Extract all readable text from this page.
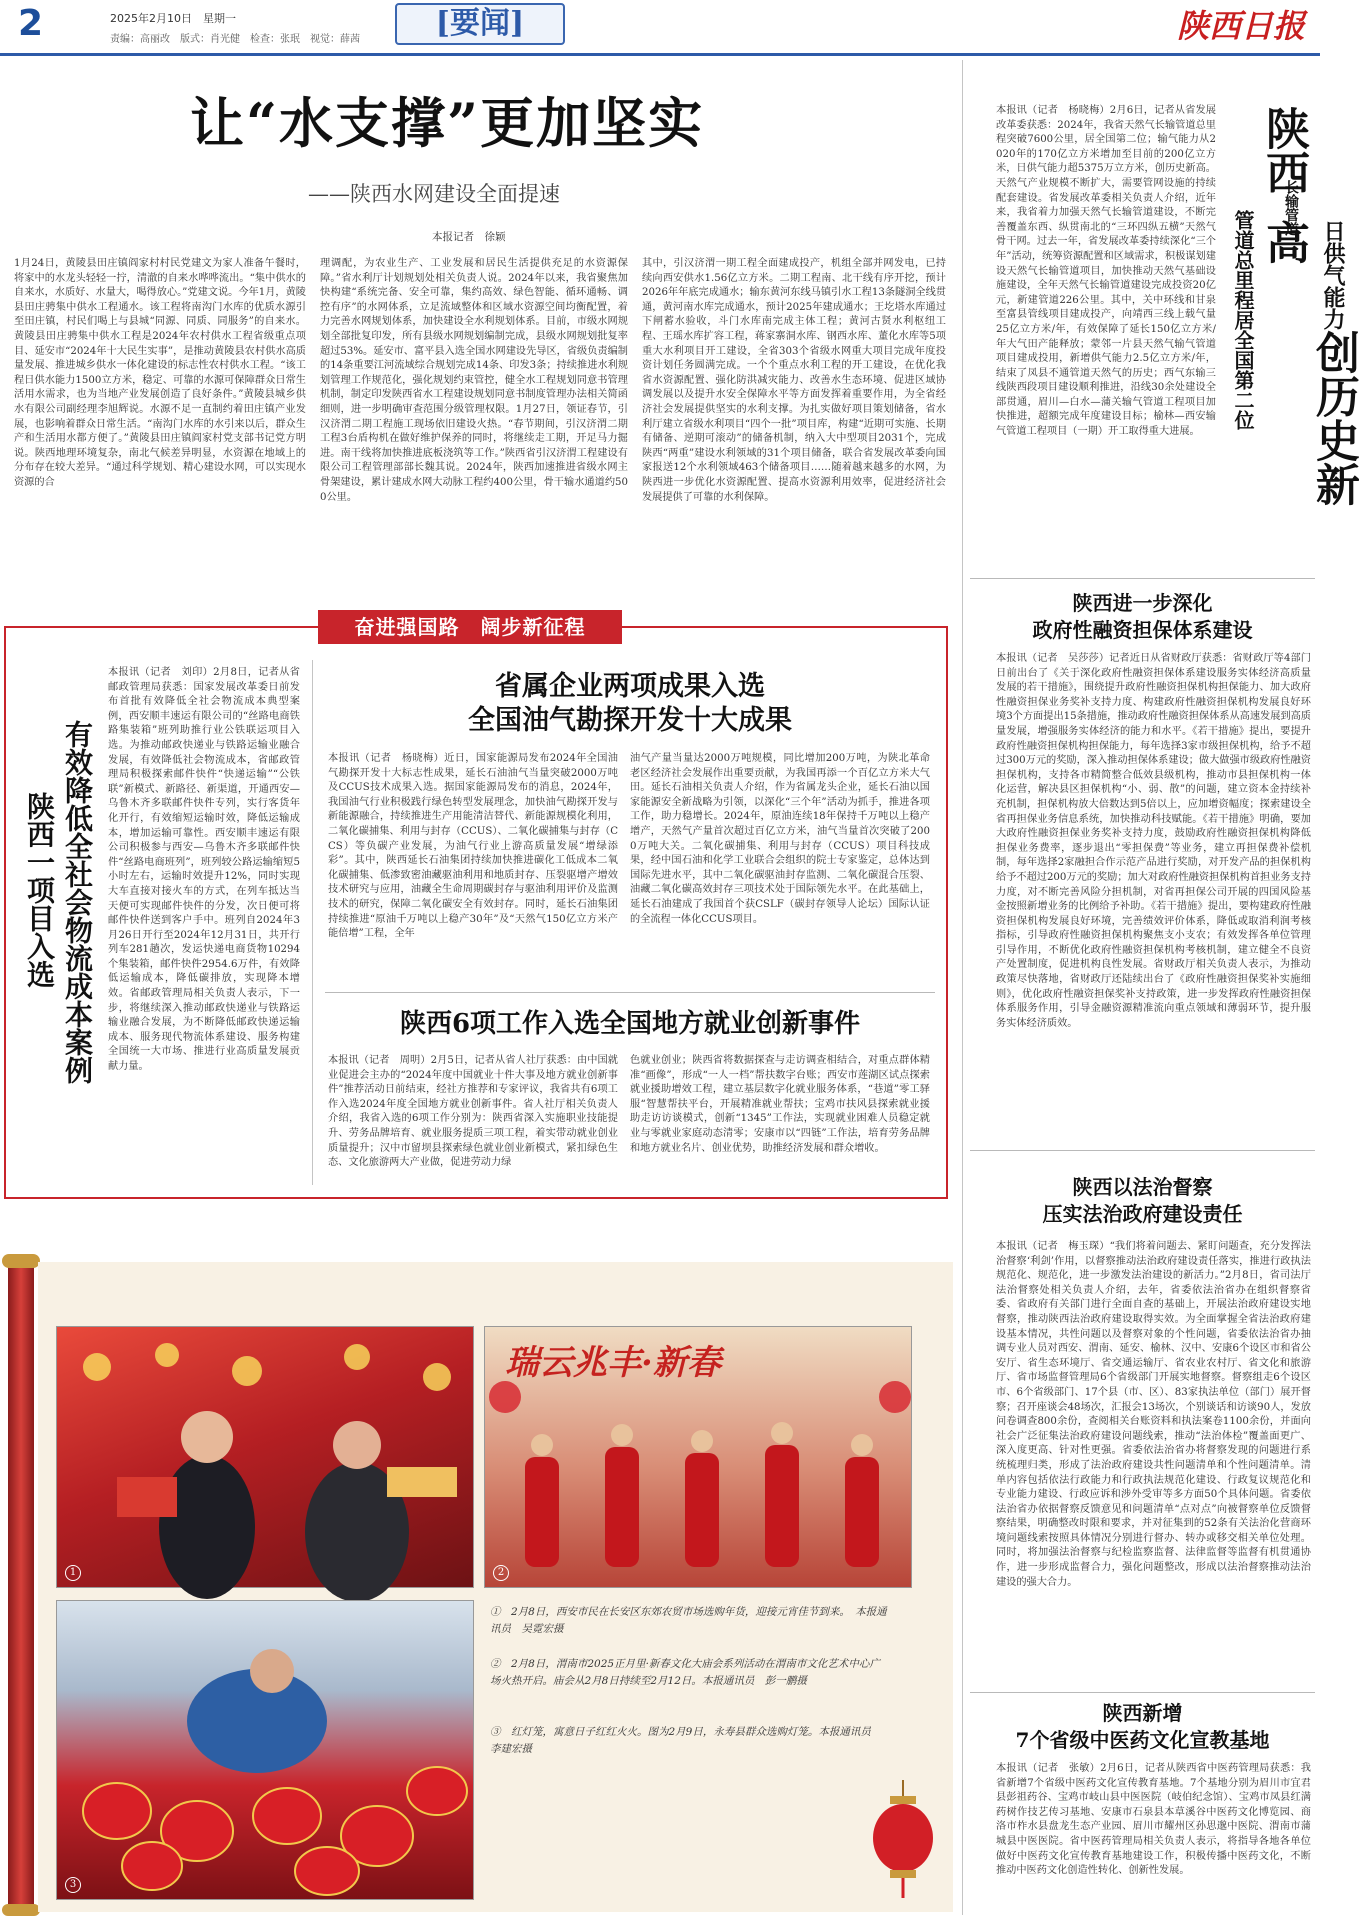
2	2025年2月10日　星期一
责编：高丽改　版式：肖光健　检查：张珉　视觉：薛茜	[要闻]	陕西日报
让“水支撑”更加坚实
——陕西水网建设全面提速
本报记者　徐颖
1月24日，黄陵县田庄镇阎家村村民党建文为家人准备午餐时，将家中的水龙头轻轻一拧，清澈的自来水哗哗流出。“集中供水的自来水，水质好、水量大，喝得放心。”党建文说。今年1月，黄陵县田庄骋集中供水工程通水。该工程将南沟门水库的优质水源引至田庄镇，村民们喝上与县城“同源、同质、同服务”的自来水。黄陵县田庄骋集中供水工程是2024年农村供水工程省级重点项目、延安市“2024年十大民生实事”，是推动黄陵县农村供水高质量发展、推进城乡供水一体化建设的标志性农村供水工程。“该工程日供水能力1500立方米，稳定、可靠的水源可保障群众日常生活用水需求，也为当地产业发展创造了良好条件。”黄陵县城乡供水有限公司副经理李旭辉说。水源不足一直制约着田庄镇产业发展，也影响着群众日常生活。“南沟门水库的水引来以后，群众生产和生活用水都方便了。”黄陵县田庄镇阎家村党支部书记党方明说。陕西地理环境复杂，南北气候差异明显，水资源在地域上的分布存在较大差异。“通过科学规划、精心建设水网，可以实现水资源的合
理调配，为农业生产、工业发展和居民生活提供充足的水资源保障。”省水利厅计划规划处相关负责人说。2024年以来，我省聚焦加快构建“系统完备、安全可靠，集约高效、绿色智能、循环通畅、调控有序”的水网体系，立足流域整体和区域水资源空间均衡配置，着力完善水网规划体系，加快建设全水利规划体系。目前，市级水网规划全部批复印发，所有县级水网规划编制完成，县级水网规划批复率超过53%。延安市、富平县入选全国水网建设先导区，省级负责编制的14条重要江河流域综合规划完成14条、印发3条；持续推进水利规划管理工作规范化，强化规划约束管控，健全水工程规划同意书管理机制，制定印发陕西省水工程建设规划同意书制度管理办法相关简函细则，进一步明确审查范围分级管理权限。1月27日，领证春节，引汉济渭二期工程施工现场依旧建设火热。“春节期间，引汉济渭二期工程3台盾构机在做好维护保养的同时，将继续走工期，开足马力掘进。南干线将加快推进底板浇筑等工作。”陕西省引汉济渭工程建设有限公司工程管理部部长魏其说。2024年，陕西加速推进省级水网主骨架建设，累计建成水网大动脉工程约400公里，骨干输水通道约500公里。
其中，引汉济渭一期工程全面建成投产，机组全部并网发电，已持续向西安供水1.56亿立方米。二期工程南、北干线有序开挖，预计2026年年底完成通水；输东黄河东线马镇引水工程13条隧洞全线贯通，黄河南水库完成通水，预计2025年建成通水；王圪塔水库通过下闸蓄水验收，斗门水库南完成主体工程；黄河古贤水利枢纽工程、王瑶水库扩容工程，蒋家寨洞水库、钢西水库、董化水库等5项重大水利项目开工建设，全省303个省级水网重大项目完成年度投资计划任务圆满完成。一个个重点水利工程的开工建设，在优化我省水资源配置、强化防洪减灾能力、改善水生态环境、促进区域协调发展以及提升水安全保障水平等方面发挥着重要作用，为全省经济社会发展提供坚实的水利支撑。为扎实做好项目策划储备，省水利厅建立省级水利项目“四个一批”项目库，构建“近期可实施、长期有储备、逆期可滚动”的储备机制，纳入大中型项目2031个，完成陕西“两重”建设水利领域的31个项目储备，联合省发展改革委向国家报送12个水利领域463个储备项目……随着越来越多的水网，为陕西进一步优化水资源配置、提高水资源利用效率，促进经济社会发展提供了可靠的水利保障。
本报讯（记者　杨晓梅）2月6日，记者从省发展改革委获悉：2024年，我省天然气长输管道总里程突破7600公里，居全国第二位；输气能力从2020年的170亿立方米增加至目前的200亿立方米，日供气能力超5375万立方米，创历史新高。天然气产业规模不断扩大，需要管网设施的持续配套建设。省发展改革委相关负责人介绍，近年来，我省着力加强天然气长输管道建设，不断完善覆盖东西、纵贯南北的“三环四纵五横”天然气骨干网。过去一年，省发展改革委持续深化“三个年”活动，统筹资源配置和区域需求，积极谋划建设天然气长输管道项目，加快推动天然气基础设施建设，全年天然气长输管道建设完成投资20亿元，新建管道226公里。其中，关中环线和甘泉至富县管线项目建成投产，向靖西三线上载气量25亿立方米/年，有效保障了延长150亿立方米/年大气田产能释放；蒙邻一片县天然气输气管道项目建成投用，新增供气能力2.5亿立方米/年，结束了凤县不通管道天然气的历史；西气东输三线陕西段项目建设顺利推进，沿线30余处建设全部贯通，眉川—白水—蒲关输气管道工程项目加快推进，超额完成年度建设目标；榆林—西安输气管道工程项目（一期）开工取得重大进展。
陕西
日供气能力创历史新高
管道总里程居全国第二位
长输管道
奋进强国路　阔步新征程
有效降低全社会物流成本案例
陕西一项目入选
本报讯（记者　刘印）2月8日，记者从省邮政管理局获悉：国家发展改革委日前发布首批有效降低全社会物流成本典型案例，西安顺丰速运有限公司的“丝路电商铁路集装箱”班列助推行业公铁联运项目入选。为推动邮政快递业与铁路运输业融合发展，有效降低社会物流成本，省邮政管理局积极探索邮件快件“快递运输”“公铁联”新模式、新路径、新渠道，开通西安—乌鲁木齐多联邮件快件专列，实行客货年化开行，有效缩短运输时效，降低运输成本，增加运输可靠性。西安顺丰速运有限公司积极参与西安—乌鲁木齐多联邮件快件“丝路电商班列”，班列较公路运输缩短5小时左右，运输时效提升12%，同时实现大车直接对接火车的方式，在列车抵达当天便可实现邮件快件的分发，次日便可将邮件快件送到客户手中。班列自2024年3月26日开行至2024年12月31日，共开行列车281趟次，发运快递电商货物10294个集装箱，邮件快件2954.6万件，有效降低运输成本，降低碳排放，实现降本增效。省邮政管理局相关负责人表示，下一步，将继续深入推动邮政快递业与铁路运输业融合发展，为不断降低邮政快递运输成本、服务现代物流体系建设、服务构建全国统一大市场、推进行业高质量发展贡献力量。
省属企业两项成果入选
全国油气勘探开发十大成果
本报讯（记者　杨晓梅）近日，国家能源局发布2024年全国油气勘探开发十大标志性成果，延长石油油气当量突破2000万吨及CCUS技术成果入选。据国家能源局发布的消息，2024年，我国油气行业积极践行绿色转型发展理念，加快油气勘探开发与新能源融合，持续推进生产用能清洁替代、新能源规模化利用，二氧化碳捕集、利用与封存（CCUS）、二氧化碳捕集与封存（CCS）等负碳产业发展，为油气行业上游高质量发展“增绿添彩”。其中，陕西延长石油集团持续加快推进碳化工低成本二氧化碳捕集、低渗致密油藏驱油利用和地质封存、压裂驱增产增效技术研究与应用，油藏全生命周期碳封存与驱油利用评价及监测技术的研究，保障二氧化碳安全有效封存。同时，延长石油集团持续推进“原油千万吨以上稳产30年”及“天然气150亿立方米产能倍增”工程，全年
油气产量当量达2000万吨规模，同比增加200万吨，为陕北革命老区经济社会发展作出重要贡献，为我国再添一个百亿立方米大气田。延长石油相关负责人介绍，作为省属龙头企业，延长石油以国家能源安全新战略为引领，以深化“三个年”活动为抓手，推进各项工作，助力稳增长。2024年，原油连续18年保持千万吨以上稳产增产，天然气产量首次超过百亿立方米，油气当量首次突破了2000万吨大关。二氧化碳捕集、利用与封存（CCUS）项目科技成果，经中国石油和化学工业联合会组织的院士专家鉴定，总体达到国际先进水平，其中二氧化碳驱油封存监测、二氧化碳混合压裂、油藏二氧化碳高效封存三项技术处于国际领先水平。在此基础上，延长石油建成了我国首个获CSLF（碳封存领导人论坛）国际认证的全流程一体化CCUS项目。
陕西6项工作入选全国地方就业创新事件
本报讯（记者　周明）2月5日，记者从省人社厅获悉：由中国就业促进会主办的“2024年度中国就业十件大事及地方就业创新事件”推荐活动日前结束，经社方推荐和专家评议，我省共有6项工作入选2024年度全国地方就业创新事件。省人社厅相关负责人介绍，我省入选的6项工作分别为：陕西省深入实施职业技能提升、劳务品牌培育、就业服务提质三项工程，着实带动就业创业质量提升；汉中市留坝县探索绿色就业创业新模式，紧扣绿色生态、文化旅游两大产业做，促进劳动力绿
色就业创业；陕西省将数据探查与走访调查相结合，对重点群体精准“画像”，形成“一人一档”帮扶数字台账；西安市莲湖区试点探索就业援助增效工程，建立基层数字化就业服务体系，“巷道”零工驿服“智慧帮扶平台，开展精准就业帮扶；宝鸡市扶风县探索就业援助走访访谈模式，创新“1345”工作法，实现就业困难人员稳定就业与零就业家庭动态清零；安康市以“四链”工作法，培育劳务品牌和地方就业名片、创业优势，助推经济发展和群众增收。
陕西进一步深化
政府性融资担保体系建设
本报讯（记者　吴莎莎）记者近日从省财政厅获悉：省财政厅等4部门日前出台了《关于深化政府性融资担保体系建设服务实体经济高质量发展的若干措施》，围绕提升政府性融资担保机构担保能力、加大政府性融资担保业务奖补支持力度、构建政府性融资担保机构发展良好环境3个方面提出15条措施，推动政府性融资担保体系从高速发展到高质量发展，增强服务实体经济的能力和水平。《若干措施》提出，要提升政府性融资担保机构担保能力，每年选择3家市级担保机构，给予不超过300万元的奖励，深入推动担保体系建设；做大做强市级政府性融资担保机构，支持各市精简整合低效县级机构，推动市县担保机构一体化运营，解决县区担保机构“小、弱、散”的问题，建立资本金持续补充机制，担保机构放大倍数达到5倍以上，应加增资幅度；探索建设全省再担保业务信息系统，加快推动科技赋能。《若干措施》明确，要加大政府性融资担保业务奖补支持力度，鼓励政府性融资担保机构降低担保业务费率，逐步退出“零担保费”等业务，建立再担保费补偿机制，每年选择2家融担合作示范产品进行奖励，对开发产品的担保机构给予不超过200万元的奖励；加大对政府性融资担保机构首担业务支持力度，对不断完善风险分担机制，对省再担保公司开展的四国风险基金按照新增业务的比例给予补助。《若干措施》提出，要构建政府性融资担保机构发展良好环境，完善绩效评价体系，降低或取消利润考核指标，引导政府性融资担保机构聚焦支小支农；有效发挥各单位管理引导作用，不断优化政府性融资担保机构考核机制，建立健全不良资产处置制度，促进机构良性发展。省财政厅相关负责人表示，为推动政策尽快落地，省财政厅还陆续出台了《政府性融资担保奖补实施细则》，优化政府性融资担保奖补支持政策，进一步发挥政府性融资担保体系服务作用，引导金融资源精准流向重点领域和薄弱环节，提升服务实体经济质效。
陕西以法治督察
压实法治政府建设责任
本报讯（记者　梅玉琛）“我们将着问题去、紧盯问题查，充分发挥法治督察‘利剑’作用，以督察推动法治政府建设责任落实，推进行政执法规范化、规范化，进一步激发法治建设的新活力。”2月8日，省司法厅法治督察处相关负责人介绍，去年，省委依法治省办在组织督察省委、省政府有关部门进行全面自查的基础上，开展法治政府建设实地督察，推动陕西法治政府建设取得实效。为全面掌握全省法治政府建设基本情况，共性问题以及督察对象的个性问题，省委依法治省办抽调专业人员对西安、渭南、延安、榆林、汉中、安康6个设区市和省公安厅、省生态环境厅、省交通运输厅、省农业农村厅、省文化和旅游厅、省市场监督管理局6个省级部门开展实地督察。督察组走6个设区市、6个省级部门、17个县（市、区）、83家执法单位（部门）展开督察；召开座谈会48场次，汇报会13场次，个别谈话和访谈90人，发放问卷调查800余份，查阅相关台账资料和执法案卷1100余份，并面向社会广泛征集法治政府建设问题线索，推动“法治体检”覆盖面更广、深入度更高、针对性更强。省委依法治省办将督察发现的问题进行系统梳理归类，形成了法治政府建设共性问题清单和个性问题清单。清单内容包括依法行政能力和行政执法规范化建设、行政复议规范化和专业能力建设、行政应诉和涉外受审等多方面50个具体问题。省委依法治省办依据督察反馈意见和问题清单“点对点”向被督察单位反馈督察结果，明确整改时限和要求，并对征集到的52条有关法治化营商环境问题线索按照具体情况分别进行督办、转办或移交相关单位处理。同时，将加强法治督察与纪检监察监督、法律监督等监督有机贯通协作，进一步形成监督合力，强化问题整改，形成以法治督察推动法治建设的强大合力。
陕西新增
7个省级中医药文化宣教基地
本报讯（记者　张敏）2月6日，记者从陕西省中医药管理局获悉：我省新增7个省级中医药文化宣传教育基地。7个基地分别为眉川市宜君县彭祖药谷、宝鸡市岐山县中医医院（岐伯纪念馆）、宝鸡市凤县红满药树作技艺传习基地、安康市石泉县本草溪谷中医药文化博览园、商洛市柞水县盘龙生态产业园、眉川市耀州区孙思邈中医院、渭南市蒲城县中医医院。省中医药管理局相关负责人表示，将指导各地各单位做好中医药文化宣传教育基地建设工作，积极传播中医药文化，不断推动中医药文化创造性转化、创新性发展。
1
瑞云兆丰·新春
2
3
①　2月8日，西安市民在长安区东郊农贸市场选购年货，迎接元宵佳节到来。　本报通讯员　吴霓宏摄
②　2月8日，渭南市2025正月里·新春文化大庙会系列活动在渭南市文化艺术中心广场火热开启。庙会从2月8日持续至2月12日。本报通讯员　彭一鹏摄
③　红灯笼，寓意日子红红火火。图为2月9日，永寿县群众选购灯笼。本报通讯员　李建宏摄
